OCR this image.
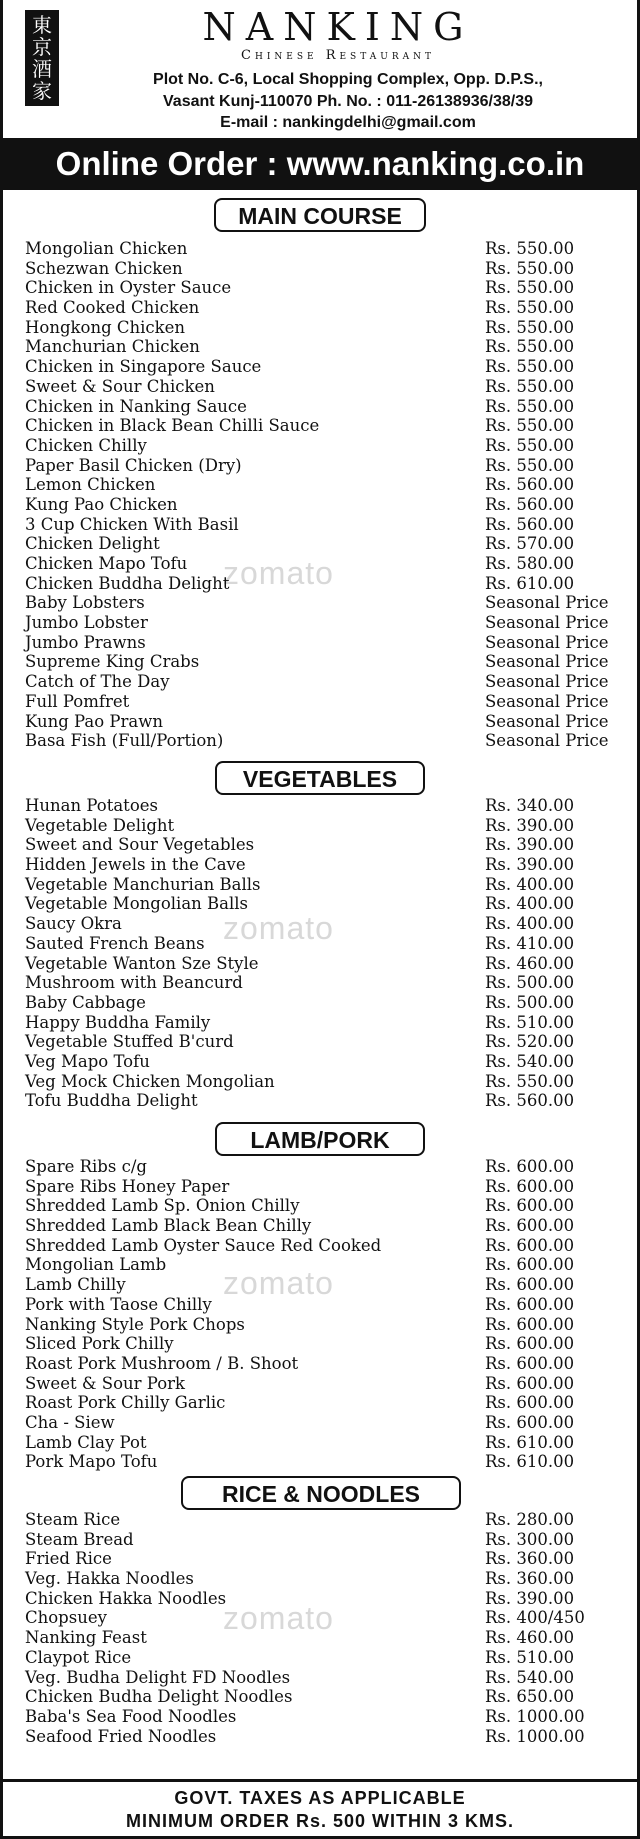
東
京
酒
家
NANKING
Chinese Restaurant
Plot No. C-6, Local Shopping Complex, Opp. D.P.S.,
Vasant Kunj-110070 Ph. No. : 011-26138936/38/39
E-mail : nankingdelhi@gmail.com
Online Order : www.nanking.co.in
zomato
zomato
zomato
zomato
MAIN COURSE
Mongolian Chicken	Rs. 550.00
Schezwan Chicken	Rs. 550.00
Chicken in Oyster Sauce	Rs. 550.00
Red Cooked Chicken	Rs. 550.00
Hongkong Chicken	Rs. 550.00
Manchurian Chicken	Rs. 550.00
Chicken in Singapore Sauce	Rs. 550.00
Sweet & Sour Chicken	Rs. 550.00
Chicken in Nanking Sauce	Rs. 550.00
Chicken in Black Bean Chilli Sauce	Rs. 550.00
Chicken Chilly	Rs. 550.00
Paper Basil Chicken (Dry)	Rs. 550.00
Lemon Chicken	Rs. 560.00
Kung Pao Chicken	Rs. 560.00
3 Cup Chicken With Basil	Rs. 560.00
Chicken Delight	Rs. 570.00
Chicken Mapo Tofu	Rs. 580.00
Chicken Buddha Delight	Rs. 610.00
Baby Lobsters	Seasonal Price
Jumbo Lobster	Seasonal Price
Jumbo Prawns	Seasonal Price
Supreme King Crabs	Seasonal Price
Catch of The Day	Seasonal Price
Full Pomfret	Seasonal Price
Kung Pao Prawn	Seasonal Price
Basa Fish (Full/Portion)	Seasonal Price
VEGETABLES
Hunan Potatoes	Rs. 340.00
Vegetable Delight	Rs. 390.00
Sweet and Sour Vegetables	Rs. 390.00
Hidden Jewels in the Cave	Rs. 390.00
Vegetable Manchurian Balls	Rs. 400.00
Vegetable Mongolian Balls	Rs. 400.00
Saucy Okra	Rs. 400.00
Sauted French Beans	Rs. 410.00
Vegetable Wanton Sze Style	Rs. 460.00
Mushroom with Beancurd	Rs. 500.00
Baby Cabbage	Rs. 500.00
Happy Buddha Family	Rs. 510.00
Vegetable Stuffed B'curd	Rs. 520.00
Veg Mapo Tofu	Rs. 540.00
Veg Mock Chicken Mongolian	Rs. 550.00
Tofu Buddha Delight	Rs. 560.00
LAMB/PORK
Spare Ribs c/g	Rs. 600.00
Spare Ribs Honey Paper	Rs. 600.00
Shredded Lamb Sp. Onion Chilly	Rs. 600.00
Shredded Lamb Black Bean Chilly	Rs. 600.00
Shredded Lamb Oyster Sauce Red Cooked	Rs. 600.00
Mongolian Lamb	Rs. 600.00
Lamb Chilly	Rs. 600.00
Pork with Taose Chilly	Rs. 600.00
Nanking Style Pork Chops	Rs. 600.00
Sliced Pork Chilly	Rs. 600.00
Roast Pork Mushroom / B. Shoot	Rs. 600.00
Sweet & Sour Pork	Rs. 600.00
Roast Pork Chilly Garlic	Rs. 600.00
Cha - Siew	Rs. 600.00
Lamb Clay Pot	Rs. 610.00
Pork Mapo Tofu	Rs. 610.00
RICE & NOODLES
Steam Rice	Rs. 280.00
Steam Bread	Rs. 300.00
Fried Rice	Rs. 360.00
Veg. Hakka Noodles	Rs. 360.00
Chicken Hakka Noodles	Rs. 390.00
Chopsuey	Rs. 400/450
Nanking Feast	Rs. 460.00
Claypot Rice	Rs. 510.00
Veg. Budha Delight FD Noodles	Rs. 540.00
Chicken Budha Delight Noodles	Rs. 650.00
Baba's Sea Food Noodles	Rs. 1000.00
Seafood Fried Noodles	Rs. 1000.00
GOVT. TAXES AS APPLICABLE
MINIMUM ORDER Rs. 500 WITHIN 3 KMS.
